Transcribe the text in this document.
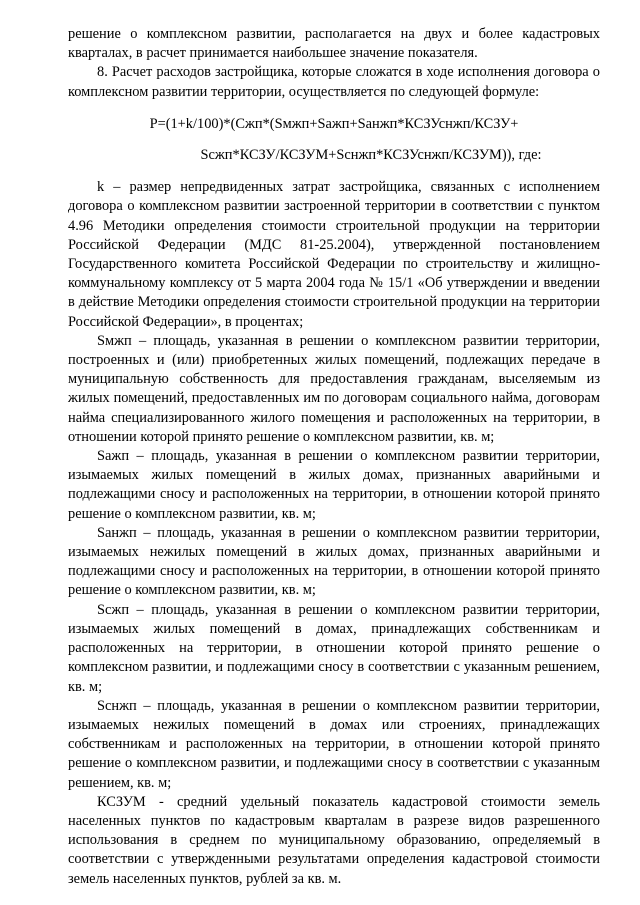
решение о комплексном развитии, располагается на двух и более кадастровых кварталах, в расчет принимается наибольшее значение показателя.

8. Расчет расходов застройщика, которые сложатся в ходе исполнения договора о комплексном развитии территории, осуществляется по следующей формуле:

P=(1+k/100)*(Cжп*(Sмжп+Sажп+Sанжп*КСЗУснжп/КСЗУ+

Sсжп*КСЗУ/КСЗУМ+Sснжп*КСЗУснжп/КСЗУМ)), где:

k – размер непредвиденных затрат застройщика, связанных с исполнением договора о комплексном развитии застроенной территории в соответствии с пунктом 4.96 Методики определения стоимости строительной продукции на территории Российской Федерации (МДС 81-25.2004), утвержденной постановлением Государственного комитета Российской Федерации по строительству и жилищно-коммунальному комплексу от 5 марта 2004 года № 15/1 «Об утверждении и введении в действие Методики определения стоимости строительной продукции на территории Российской Федерации», в процентах;

Sмжп – площадь, указанная в решении о комплексном развитии территории, построенных и (или) приобретенных жилых помещений, подлежащих передаче в муниципальную собственность для предоставления гражданам, выселяемым из жилых помещений, предоставленных им по договорам социального найма, договорам найма специализированного жилого помещения и расположенных на территории, в отношении которой принято решение о комплексном развитии, кв. м;

Sажп – площадь, указанная в решении о комплексном развитии территории, изымаемых жилых помещений в жилых домах, признанных аварийными и подлежащими сносу и расположенных на территории, в отношении которой принято решение о комплексном развитии, кв. м;

Sанжп – площадь, указанная в решении о комплексном развитии территории, изымаемых нежилых помещений в жилых домах, признанных аварийными и подлежащими сносу и расположенных на территории, в отношении которой принято решение о комплексном развитии, кв. м;

Sсжп – площадь, указанная в решении о комплексном развитии территории, изымаемых жилых помещений в домах, принадлежащих собственникам и расположенных на территории, в отношении которой принято решение о комплексном развитии, и подлежащими сносу в соответствии с указанным решением, кв. м;

Sснжп – площадь, указанная в решении о комплексном развитии территории, изымаемых нежилых помещений в домах или строениях, принадлежащих собственникам и расположенных на территории, в отношении которой принято решение о комплексном развитии, и подлежащими сносу в соответствии с указанным решением, кв. м;

КСЗУМ - средний удельный показатель кадастровой стоимости земель населенных пунктов по кадастровым кварталам в разрезе видов разрешенного использования в среднем по муниципальному образованию, определяемый в соответствии с утвержденными результатами определения кадастровой стоимости земель населенных пунктов, рублей за кв. м.
